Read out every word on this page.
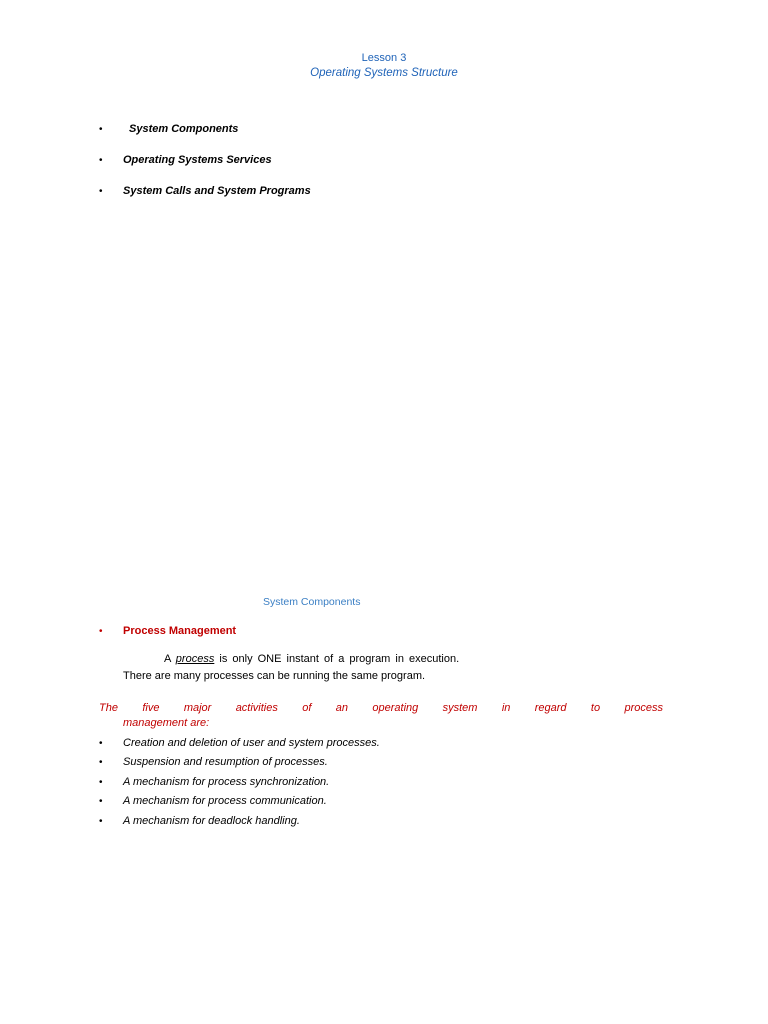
Lesson 3
Operating Systems Structure
• System Components
• Operating Systems Services
• System Calls and System Programs
System Components
• Process Management
A process is only ONE instant of a program in execution.
There are many processes can be running the same program.
The five major activities of an operating system in regard to process
management are:
• Creation and deletion of user and system processes.
• Suspension and resumption of processes.
• A mechanism for process synchronization.
• A mechanism for process communication.
• A mechanism for deadlock handling.
